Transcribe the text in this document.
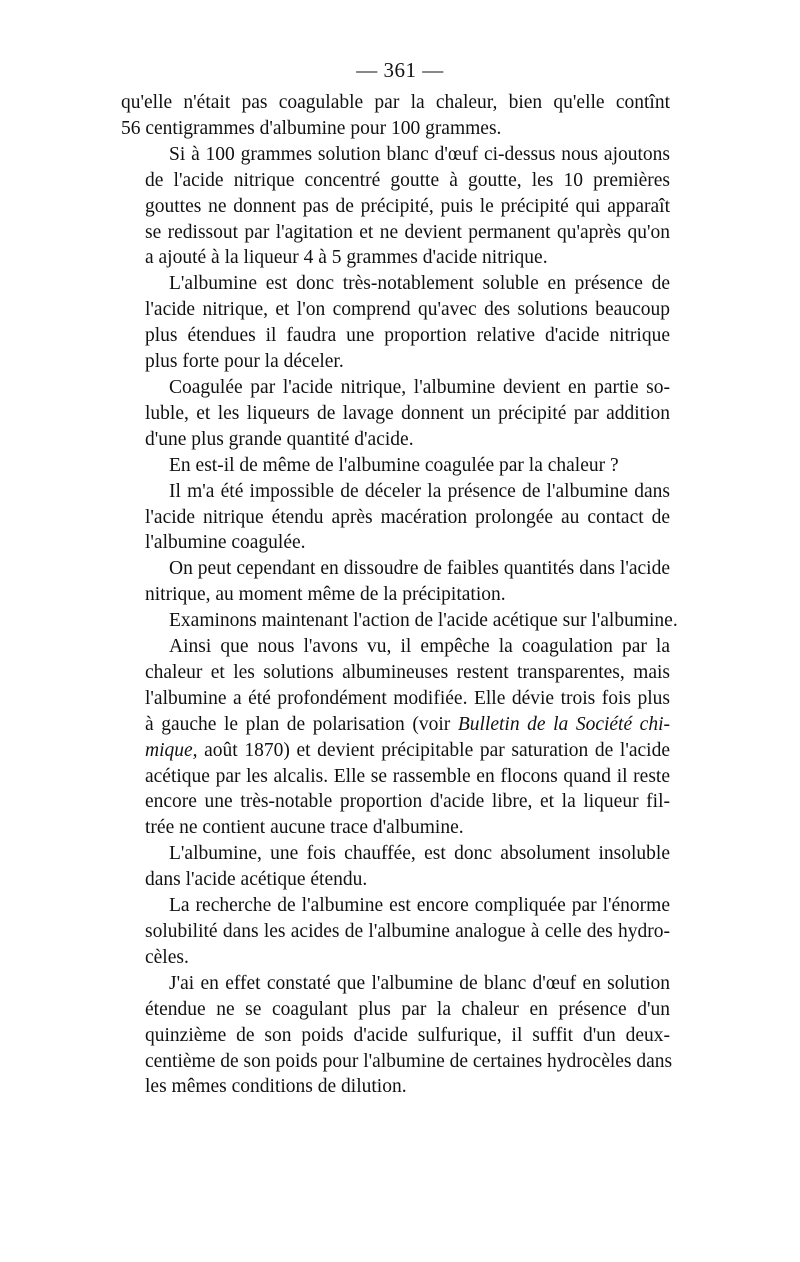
— 361 —

qu'elle n'était pas coagulable par la chaleur, bien qu'elle contînt
56 centigrammes d'albumine pour 100 grammes.

Si à 100 grammes solution blanc d'œuf ci-dessus nous ajoutons
de l'acide nitrique concentré goutte à goutte, les 10 premières
gouttes ne donnent pas de précipité, puis le précipité qui apparaît
se redissout par l'agitation et ne devient permanent qu'après qu'on
a ajouté à la liqueur 4 à 5 grammes d'acide nitrique.

L'albumine est donc très-notablement soluble en présence de
l'acide nitrique, et l'on comprend qu'avec des solutions beaucoup
plus étendues il faudra une proportion relative d'acide nitrique
plus forte pour la déceler.

Coagulée par l'acide nitrique, l'albumine devient en partie so-
luble, et les liqueurs de lavage donnent un précipité par addition
d'une plus grande quantité d'acide.

En est-il de même de l'albumine coagulée par la chaleur ?

Il m'a été impossible de déceler la présence de l'albumine dans
l'acide nitrique étendu après macération prolongée au contact de
l'albumine coagulée.

On peut cependant en dissoudre de faibles quantités dans l'acide
nitrique, au moment même de la précipitation.

Examinons maintenant l'action de l'acide acétique sur l'albumine.

Ainsi que nous l'avons vu, il empêche la coagulation par la
chaleur et les solutions albumineuses restent transparentes, mais
l'albumine a été profondément modifiée. Elle dévie trois fois plus
à gauche le plan de polarisation (voir Bulletin de la Société chi-
mique, août 1870) et devient précipitable par saturation de l'acide
acétique par les alcalis. Elle se rassemble en flocons quand il reste
encore une très-notable proportion d'acide libre, et la liqueur fil-
trée ne contient aucune trace d'albumine.

L'albumine, une fois chauffée, est donc absolument insoluble
dans l'acide acétique étendu.

La recherche de l'albumine est encore compliquée par l'énorme
solubilité dans les acides de l'albumine analogue à celle des hydro-
cèles.

J'ai en effet constaté que l'albumine de blanc d'œuf en solution
étendue ne se coagulant plus par la chaleur en présence d'un
quinzième de son poids d'acide sulfurique, il suffit d'un deux-
centième de son poids pour l'albumine de certaines hydrocèles dans
les mêmes conditions de dilution.
